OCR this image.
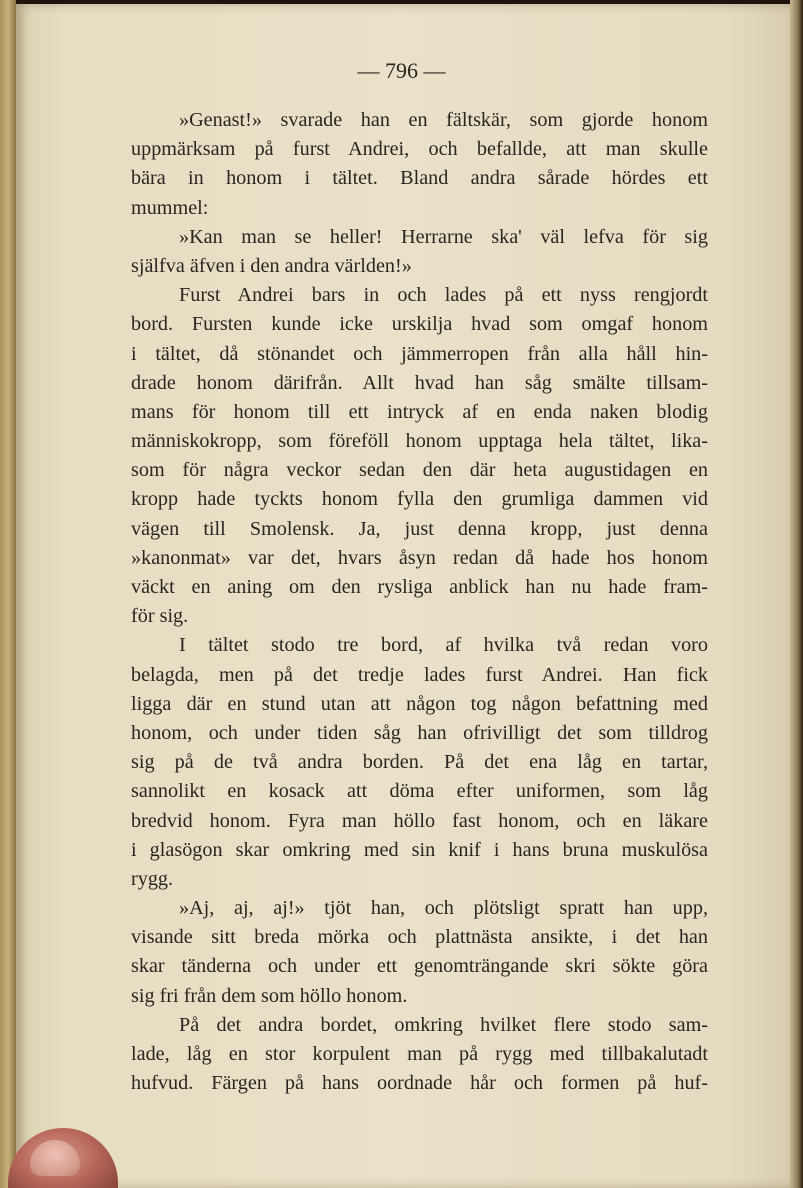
— 796 —
»Genast!» svarade han en fältskär, som gjorde honom
uppmärksam på furst Andrei, och befallde, att man skulle
bära in honom i tältet. Bland andra sårade hördes ett
mummel:
»Kan man se heller! Herrarne ska' väl lefva för sig
själfva äfven i den andra världen!»
Furst Andrei bars in och lades på ett nyss rengjordt
bord. Fursten kunde icke urskilja hvad som omgaf honom
i tältet, då stönandet och jämmerropen från alla håll hin-
drade honom därifrån. Allt hvad han såg smälte tillsam-
mans för honom till ett intryck af en enda naken blodig
människokropp, som föreföll honom upptaga hela tältet, lika-
som för några veckor sedan den där heta augustidagen en
kropp hade tyckts honom fylla den grumliga dammen vid
vägen till Smolensk. Ja, just denna kropp, just denna
»kanonmat» var det, hvars åsyn redan då hade hos honom
väckt en aning om den rysliga anblick han nu hade fram-
för sig.
I tältet stodo tre bord, af hvilka två redan voro
belagda, men på det tredje lades furst Andrei. Han fick
ligga där en stund utan att någon tog någon befattning med
honom, och under tiden såg han ofrivilligt det som tilldrog
sig på de två andra borden. På det ena låg en tartar,
sannolikt en kosack att döma efter uniformen, som låg
bredvid honom. Fyra man höllo fast honom, och en läkare
i glasögon skar omkring med sin knif i hans bruna muskulösa
rygg.
»Aj, aj, aj!» tjöt han, och plötsligt spratt han upp,
visande sitt breda mörka och plattnästa ansikte, i det han
skar tänderna och under ett genomträngande skri sökte göra
sig fri från dem som höllo honom.
På det andra bordet, omkring hvilket flere stodo sam-
lade, låg en stor korpulent man på rygg med tillbakalutadt
hufvud. Färgen på hans oordnade hår och formen på huf-
